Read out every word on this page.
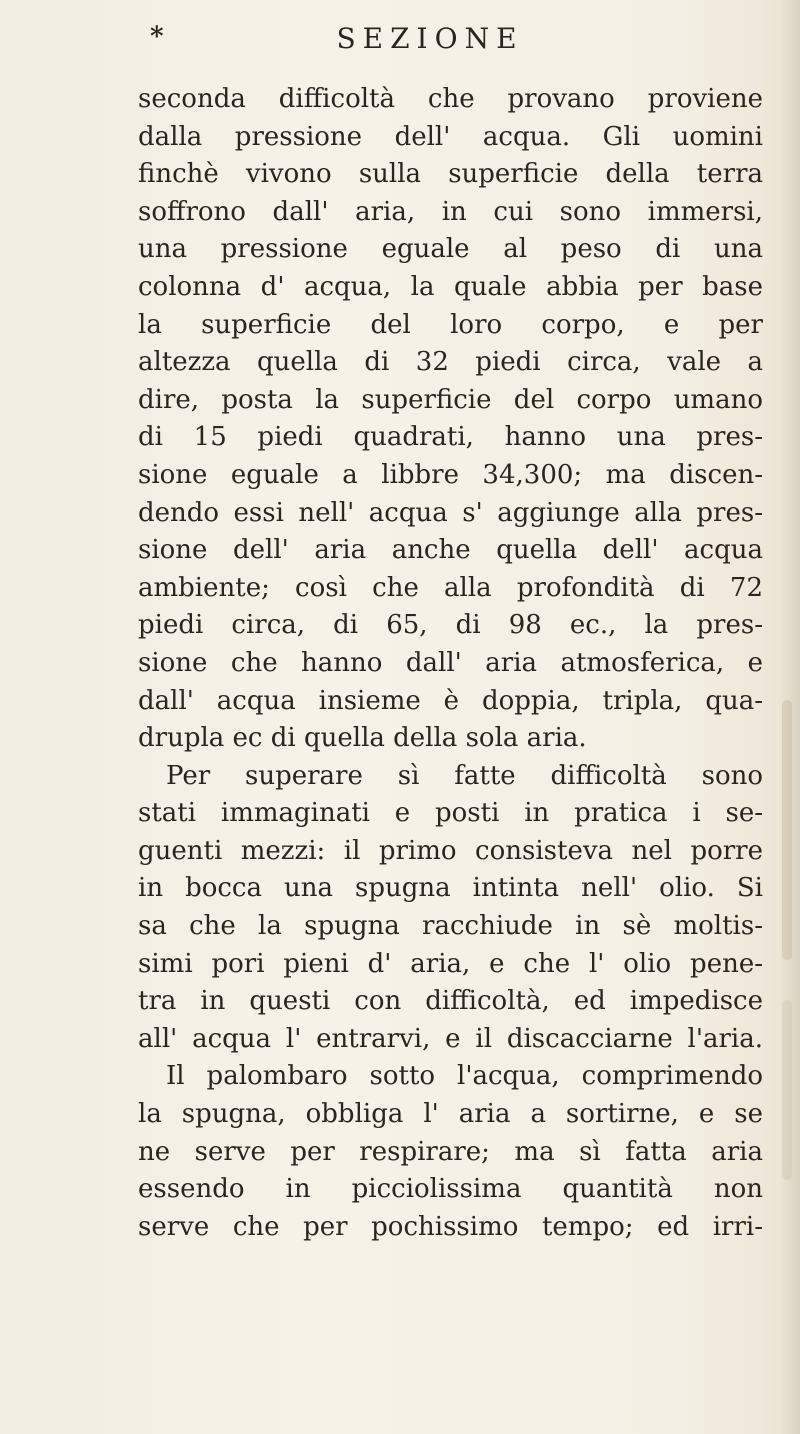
*	SEZIONE
seconda difficoltà che provano proviene
dalla pressione dell' acqua. Gli uomini
finchè vivono sulla superficie della terra
soffrono dall' aria, in cui sono immersi,
una pressione eguale al peso di una
colonna d' acqua, la quale abbia per base
la superficie del loro corpo, e per
altezza quella di 32 piedi circa, vale a
dire, posta la superficie del corpo umano
di 15 piedi quadrati, hanno una pres-
sione eguale a libbre 34,300; ma discen-
dendo essi nell' acqua s' aggiunge alla pres-
sione dell' aria anche quella dell' acqua
ambiente; così che alla profondità di 72
piedi circa, di 65, di 98 ec., la pres-
sione che hanno dall' aria atmosferica, e
dall' acqua insieme è doppia, tripla, qua-
drupla ec di quella della sola aria.
Per superare sì fatte difficoltà sono
stati immaginati e posti in pratica i se-
guenti mezzi: il primo consisteva nel porre
in bocca una spugna intinta nell' olio. Si
sa che la spugna racchiude in sè moltis-
simi pori pieni d' aria, e che l' olio pene-
tra in questi con difficoltà, ed impedisce
all' acqua l' entrarvi, e il discacciarne l'aria.
Il palombaro sotto l'acqua, comprimendo
la spugna, obbliga l' aria a sortirne, e se
ne serve per respirare; ma sì fatta aria
essendo in picciolissima quantità non
serve che per pochissimo tempo; ed irri-
